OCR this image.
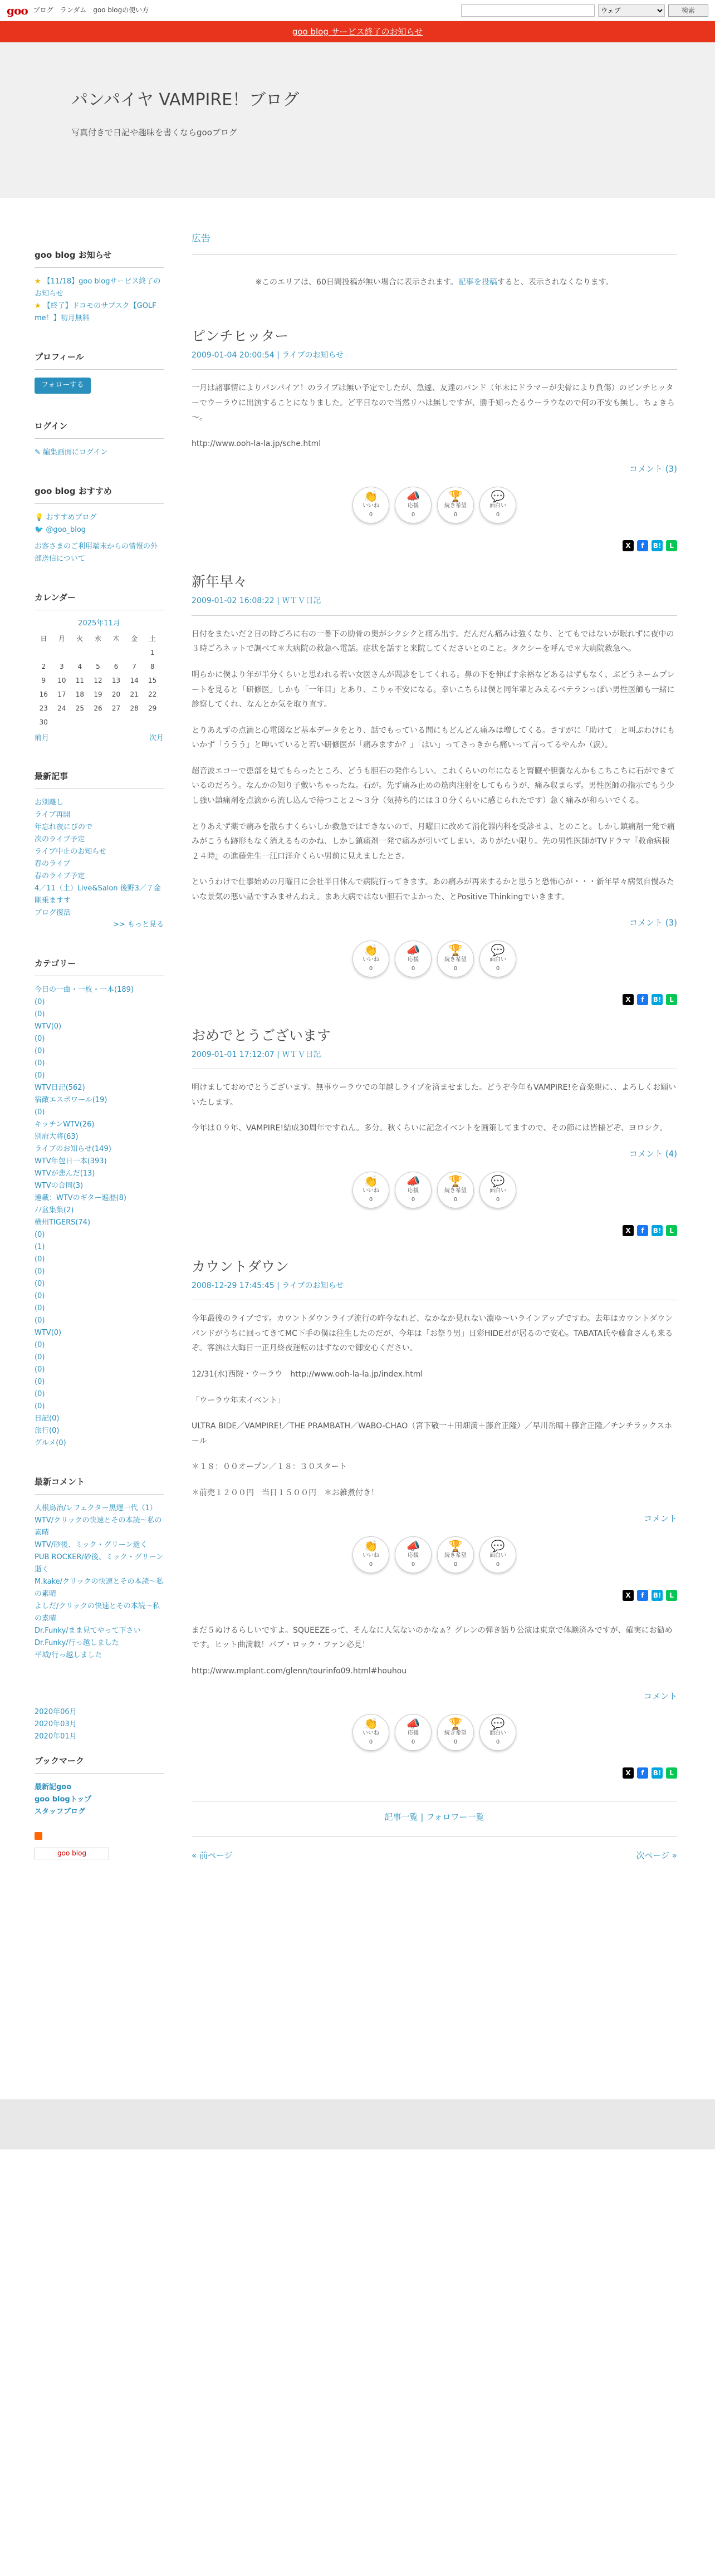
goo ブログ ランダム goo blogの使い方
ウェブ	検索
goo blog サービス終了のお知らせ
パンパイヤ VAMPIRE！ブログ

写真付きで日記や趣味を書くならgooブログ

goo blog お知らせ
★ 【11/18】goo blogサービス終了のお知らせ
★ 【終了】ドコモのサブスク【GOLF me！】初月無料
プロフィール
フォローする
ログイン
✎ 編集画面にログイン
goo blog おすすめ
💡 おすすめブログ
🐦 @goo_blog
お客さまのご利用端末からの情報の外部送信について
カレンダー
2025年11月
日	月	火	水	木	金	土
						1
2	3	4	5	6	7	8
9	10	11	12	13	14	15
16	17	18	19	20	21	22
23	24	25	26	27	28	29
30						
前月	次月
最新記事
お別離し
ライブ再開
年忘れ夜にびので
次のライブ予定
ライブ中止のお知らせ
春のライブ
春のライブ予定
4／11（土）Live&Salon 後野3／７金剛乗ますす
ブログ復活
>> もっと見る
カテゴリー
今日の一曲・一枚・一本(189)
(0)
(0)
WTV(0)
(0)
(0)
(0)
(0)
WTV日記(562)
宿敵エスポワール(19)
(0)
キッチンWTV(26)
別府大将(63)
ライブのお知らせ(149)
WTV年包日一本(393)
WTVが悲んだ(13)
WTVの合同(3)
連載：WTVのギター遍歴(8)
ﾉﾉ盆集集(2)
横州TIGERS(74)
(0)
(1)
(0)
(0)
(0)
(0)
(0)
(0)
WTV(0)
(0)
(0)
(0)
(0)
(0)
(0)
日記(0)
旅行(0)
グルメ(0)
最新コメント
大根鳥治/レフェクター黒遅一代（1）
WTV/クリックの快速とその本読～私の素晴
WTV/砂後、ミック・グリーン逝く
PUB ROCKER/砂後、ミック・グリーン逝く
M.kake/クリックの快速とその本読～私の素晴
よしだ/クリックの快速とその本読～私の素晴
Dr.Funky/まま見てやって下さい
Dr.Funky/行っ越しました
平城/行っ越しました
2020年06月
2020年03月
2020年01月
ブックマーク
最新記goo
goo blogトップ
スタッフブログ
goo blog
広告
※このエリアは、60日間投稿が無い場合に表示されます。記事を投稿すると、表示されなくなります。
ピンチヒッター
2009-01-04 20:00:54 | ライブのお知らせ

一月は諸事情によりパンパイア！のライブは無い予定でしたが、急遽、友達のバンド（年末にドラマーが尖骨により負傷）のピンチヒッターでウーラウに出演することになりました。ど平日なので当然リハは無しですが、勝手知ったるウーラウなので何の不安も無し。ちょきら～。

http://www.ooh-la-la.jp/sche.html

コメント (3)
👏
いいね
0
📣
応援
0
🏆
続き希望
0
💬
面白い
0
X	f	B!	L
新年早々
2009-01-02 16:08:22 | ＷＴＶ日記

日付をまたいだ２日の時ごろに右の一番下の肋骨の奥がシクシクと痛み出す。だんだん痛みは強くなり、とてもではないが眠れずに夜中の３時ごろネットで調べて＊大病院の救急へ電話。症状を話すと来院してくださいとのこと。タクシーを呼んで＊大病院救急へ。

明らかに僕より年が半分くらいと思われる若い女医さんが問診をしてくれる。鼻の下を伸ばす余裕などあるはずもなく、ぶどうネームプレートを見ると「研修医」しかも「一年目」とあり、こりゃ不安になる。幸いこちらは僕と同年輩とみえるベテランっぽい男性医師も一緒に診察してくれ、なんとか気を取り直す。

とりあえずの点滴と心電図など基本データをとり、話でもっている間にもどんどん痛みは増してくる。さすがに「助けて」と叫ぶわけにもいかず「ううう」と呻いていると若い研修医が「痛みますか？」「はい」ってさっきから痛いって言ってるやんか（涙）。

超音波エコーで患部を見てもらったところ、どうも胆石の発作らしい。これくらいの年になると腎臓や胆嚢なんかもこちこちに石ができているのだろう。なんかの知り子敷いちゃったね。石が。先ず痛み止めの筋肉注射をしてもらうが、痛み収まらず。男性医師の指示でもう少し強い鎮痛剤を点滴から流し込んで待つこと２～３分（気持ち的には３０分くらいに感じられたです）急く痛みが和らいでくる。

とりあえず薬で痛みを散らすくらいしか救急ではできないので、月曜日に改めて消化器内科を受診せよ、とのこと。しかし鎮痛剤一発で痛みがこうも跡形もなく消えるものかね、しかし鎮痛剤一発で痛みが引いてしまい、ありがたい限り。先の男性医師がTVドラマ『救命病棟２４時』の進藤先生一江口洋介くらい男前に見えましたとさ。

というわけで仕事始めの月曜日に会社半日休んで病院行ってきます。あの痛みが再来するかと思うと恐怖心が・・・新年早々病気自慢みたいな景気の悪い話ですみませんねえ。まあ大病ではない胆石でよかった、とPositive Thinkingでいきます。

コメント (3)
👏
いいね
0
📣
応援
0
🏆
続き希望
0
💬
面白い
0
X	f	B!	L
おめでとうございます
2009-01-01 17:12:07 | ＷＴＶ日記

明けましておめでとうございます。無事ウーラウでの年越しライブを済ませました。どうぞ今年もVAMPIRE!を音楽親に、、よろしくお願いいたします。

今年は０９年、VAMPIRE!結成30周年ですねん。多分。秋くらいに記念イベントを画策してますので、その節には皆様どぞ、ヨロシク。

コメント (4)
👏
いいね
0
📣
応援
0
🏆
続き希望
0
💬
面白い
0
X	f	B!	L
カウントダウン
2008-12-29 17:45:45 | ライブのお知らせ

今年最後のライブです。カウントダウンライブ流行の昨今なれど、なかなか見れない濃ゆ～いラインアップですわ。去年はカウントダウンパンドがうちに回ってきてMC下手の僕は往生したのだが、今年は「お祭り男」日彩HIDE君が居るので安心。TABATA氏や藤倉さんも来るぞ。客演は大晦日一正月終夜運転のはずなので御安心ください。

12/31(水)西院・ウーラウ　http://www.ooh-la-la.jp/index.html

「ウーラウ年末イベント」

ULTRA BIDE／VAMPIRE!／THE PRAMBATH／WABO-CHAO（宮下敬一＋田畑満＋藤倉正隆）／早川岳晴＋藤倉正隆／チンチラックスホール

＊１８：００オープン／１８：３０スタート

＊前売１２００円　当日１５００円　＊お雑煮付き！

コメント
👏
いいね
0
📣
応援
0
🏆
続き希望
0
💬
面白い
0
X	f	B!	L

まだ５ぬけるらしいですよ。SQUEEZEって、そんなに人気ないのかなぁ？グレンの弾き語り公演は東京で体験済みですが、確実にお勧めです。ヒット曲満載！パブ・ロック・ファン必見！

http://www.mplant.com/glenn/tourinfo09.html#houhou

コメント
👏
いいね
0
📣
応援
0
🏆
続き希望
0
💬
面白い
0
X	f	B!	L
記事一覧 | フォロワー一覧
« 前ページ	次ページ »
